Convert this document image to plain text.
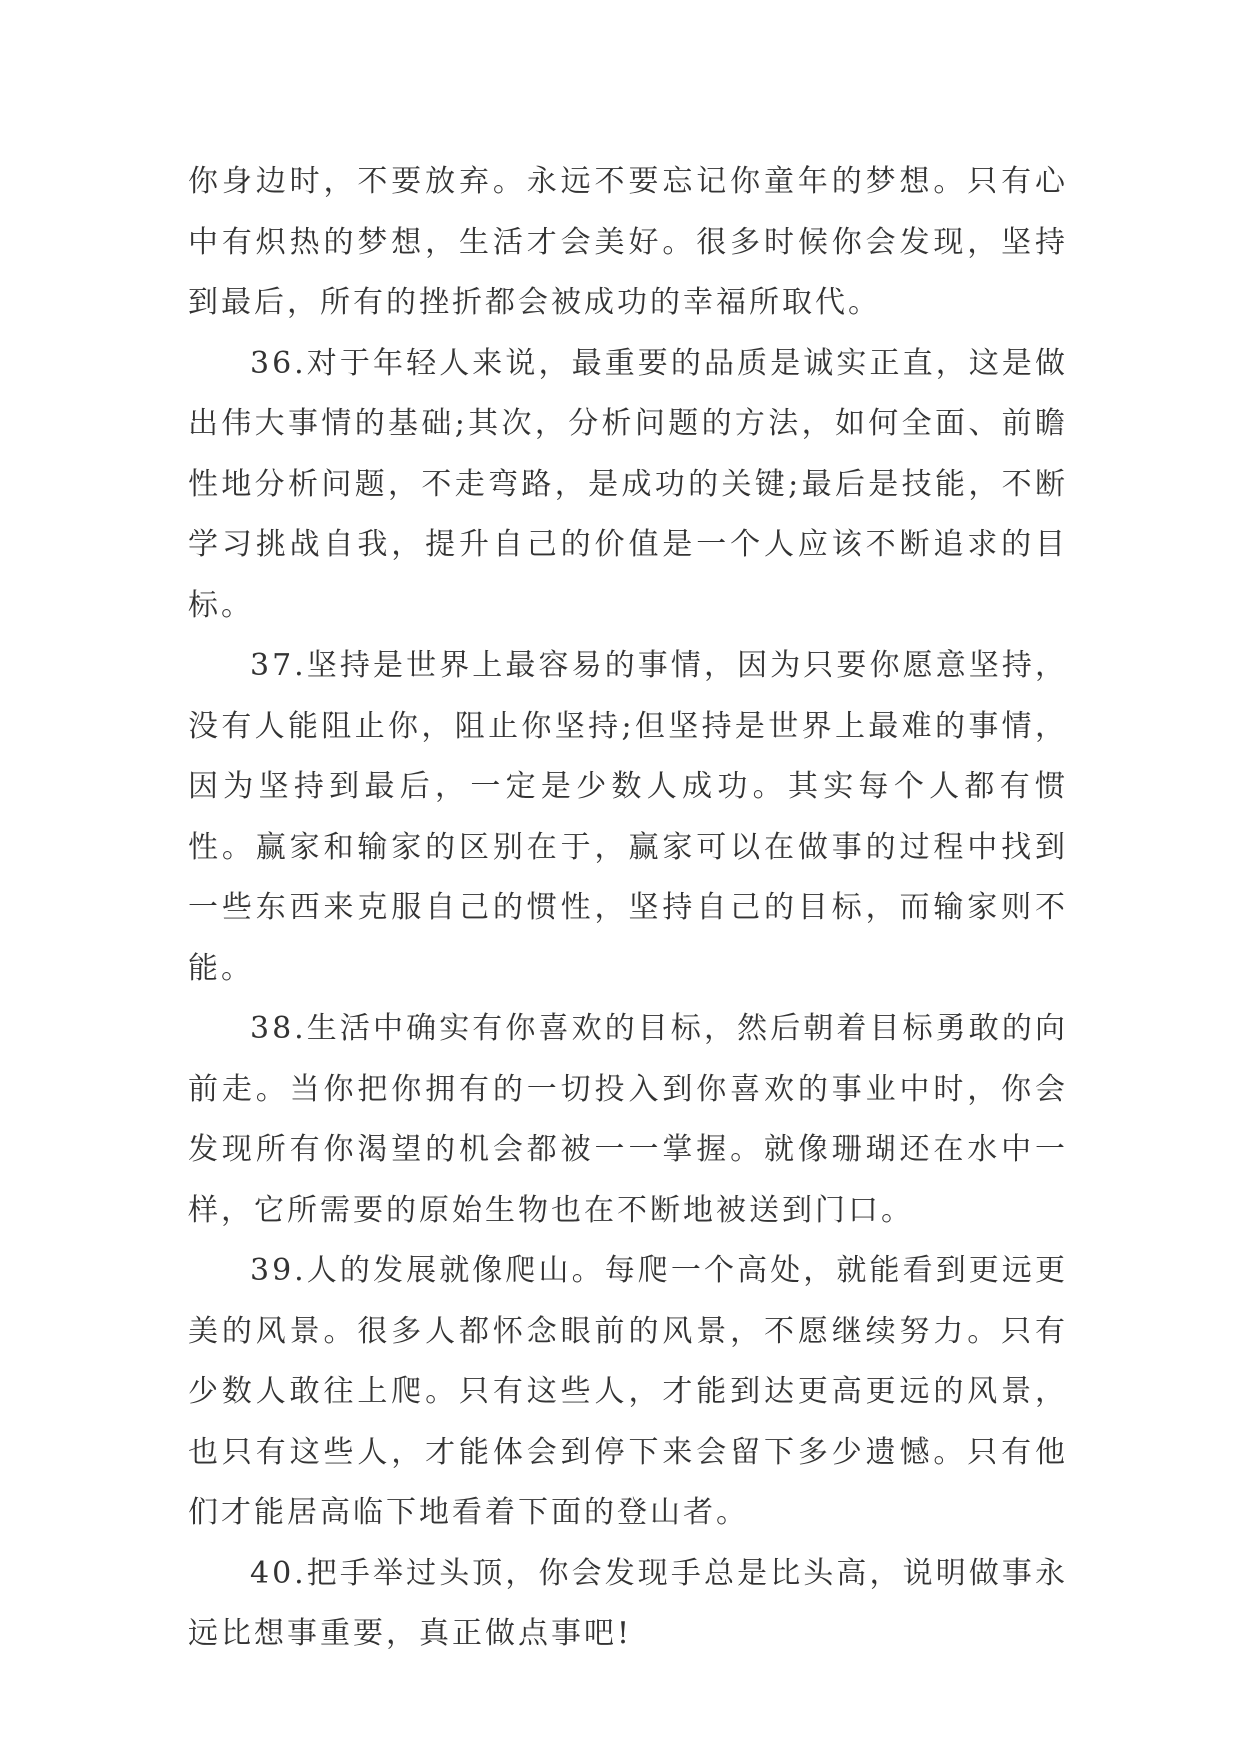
你身边时，不要放弃。永远不要忘记你童年的梦想。只有心中有炽热的梦想，生活才会美好。很多时候你会发现，坚持到最后，所有的挫折都会被成功的幸福所取代。

36.对于年轻人来说，最重要的品质是诚实正直，这是做出伟大事情的基础;其次，分析问题的方法，如何全面、前瞻性地分析问题，不走弯路，是成功的关键;最后是技能，不断学习挑战自我，提升自己的价值是一个人应该不断追求的目标。

37.坚持是世界上最容易的事情，因为只要你愿意坚持，没有人能阻止你，阻止你坚持;但坚持是世界上最难的事情，因为坚持到最后，一定是少数人成功。其实每个人都有惯性。赢家和输家的区别在于，赢家可以在做事的过程中找到一些东西来克服自己的惯性，坚持自己的目标，而输家则不能。

38.生活中确实有你喜欢的目标，然后朝着目标勇敢的向前走。当你把你拥有的一切投入到你喜欢的事业中时，你会发现所有你渴望的机会都被一一掌握。就像珊瑚还在水中一样，它所需要的原始生物也在不断地被送到门口。

39.人的发展就像爬山。每爬一个高处，就能看到更远更美的风景。很多人都怀念眼前的风景，不愿继续努力。只有少数人敢往上爬。只有这些人，才能到达更高更远的风景，也只有这些人，才能体会到停下来会留下多少遗憾。只有他们才能居高临下地看着下面的登山者。

40.把手举过头顶，你会发现手总是比头高，说明做事永远比想事重要，真正做点事吧!
